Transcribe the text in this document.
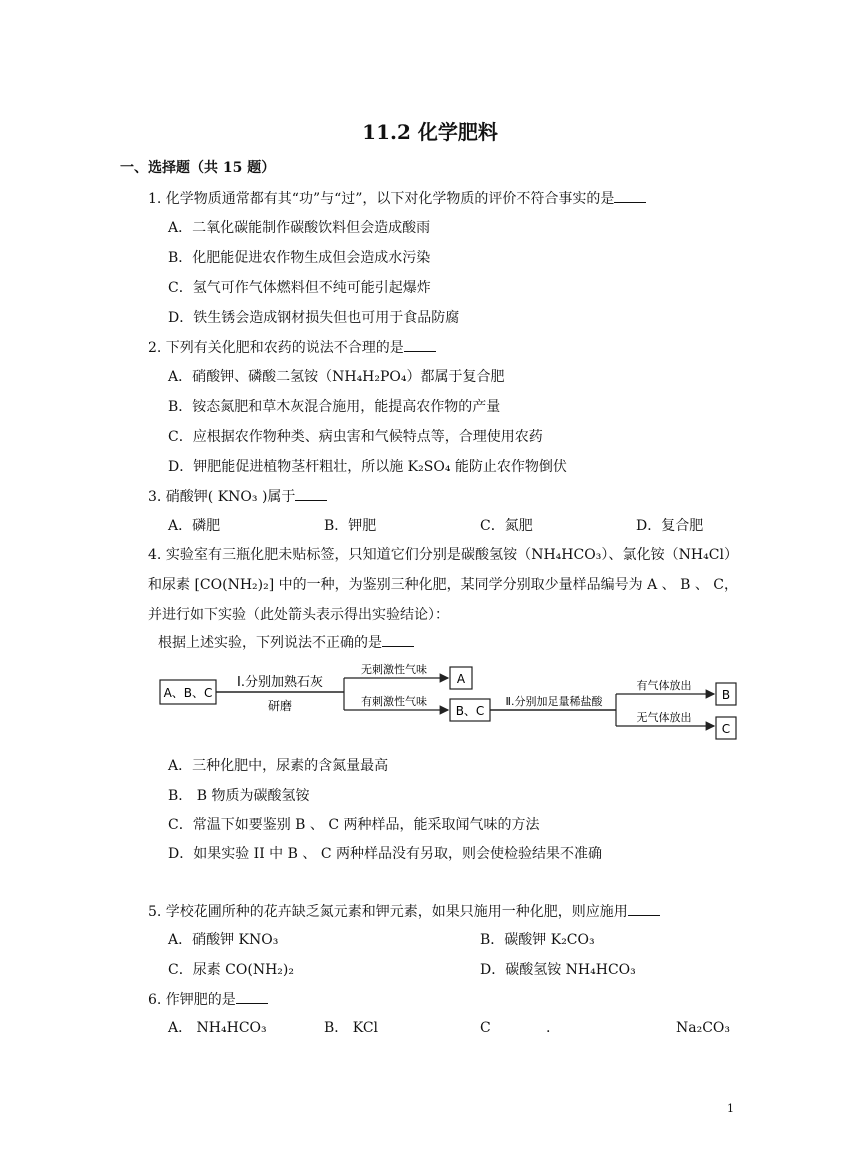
11.2 化学肥料
一、选择题（共 15 题）
1. 化学物质通常都有其“功”与“过”，以下对化学物质的评价不符合事实的是
A．二氧化碳能制作碳酸饮料但会造成酸雨
B．化肥能促进农作物生成但会造成水污染
C．氢气可作气体燃料但不纯可能引起爆炸
D．铁生锈会造成钢材损失但也可用于食品防腐
2. 下列有关化肥和农药的说法不合理的是
A．硝酸钾、磷酸二氢铵（NH₄H₂PO₄）都属于复合肥
B．铵态氮肥和草木灰混合施用，能提高农作物的产量
C．应根据农作物种类、病虫害和气候特点等，合理使用农药
D．钾肥能促进植物茎杆粗壮，所以施 K₂SO₄ 能防止农作物倒伏
3. 硝酸钾( KNO₃ )属于
A．磷肥	B．钾肥	C．氮肥	D．复合肥
4. 实验室有三瓶化肥未贴标签，只知道它们分别是碳酸氢铵（NH₄HCO₃）、氯化铵（NH₄Cl）和尿素 [CO(NH₂)₂] 中的一种，为鉴别三种化肥，某同学分别取少量样品编号为 A 、 B 、 C，并进行如下实验（此处箭头表示得出实验结论）：
根据上述实验，下列说法不正确的是
A、B、C
Ⅰ.分别加熟石灰
研磨
无刺激性气味
有刺激性气味
A
B、C
Ⅱ.分别加足量稀盐酸
有气体放出
无气体放出
B
C
A．三种化肥中，尿素的含氮量最高
B． B 物质为碳酸氢铵
C．常温下如要鉴别 B 、 C 两种样品，能采取闻气味的方法
D．如果实验 II 中 B 、 C 两种样品没有另取，则会使检验结果不准确
5. 学校花圃所种的花卉缺乏氮元素和钾元素，如果只施用一种化肥，则应施用
A．硝酸钾 KNO₃	B．碳酸钾 K₂CO₃
C．尿素 CO(NH₂)₂	D．碳酸氢铵 NH₄HCO₃
6. 作钾肥的是
A． NH₄HCO₃	B． KCl	C	.	Na₂CO₃
1
